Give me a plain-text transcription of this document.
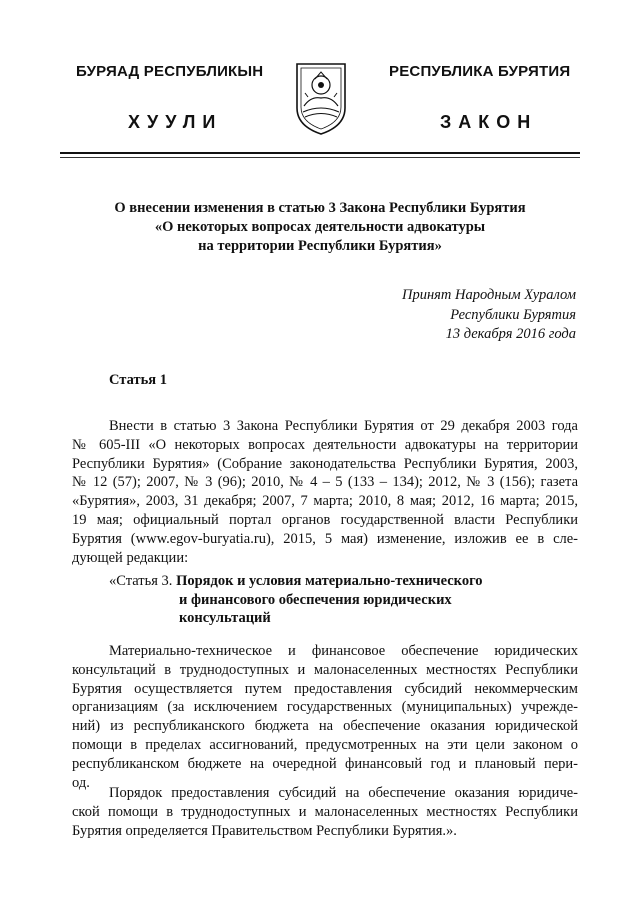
БУРЯАД РЕСПУБЛИКЫН
ХУУЛИ
РЕСПУБЛИКА БУРЯТИЯ
ЗАКОН
О внесении изменения в статью 3 Закона Республики Бурятия
«О некоторых вопросах деятельности адвокатуры
на территории Республики Бурятия»
Принят Народным Хуралом
Республики Бурятия
13 декабря 2016 года
Статья 1
Внести в статью 3 Закона Республики Бурятия от 29 декабря 2003 года
№ 605-III «О некоторых вопросах деятельности адвокатуры на территории
Республики Бурятия» (Собрание законодательства Республики Бурятия, 2003,
№ 12 (57); 2007, № 3 (96); 2010, № 4 – 5 (133 – 134); 2012, № 3 (156); газета
«Бурятия», 2003, 31 декабря; 2007, 7 марта; 2010, 8 мая; 2012, 16 марта; 2015,
19 мая; официальный портал органов государственной власти Республики
Бурятия (www.egov-buryatia.ru), 2015, 5 мая) изменение, изложив ее в сле-
дующей редакции:
«Статья 3. Порядок и условия материально-технического
и финансового обеспечения юридических
консультаций
Материально-техническое и финансовое обеспечение юридических
консультаций в труднодоступных и малонаселенных местностях Республики
Бурятия осуществляется путем предоставления субсидий некоммерческим
организациям (за исключением государственных (муниципальных) учрежде-
ний) из республиканского бюджета на обеспечение оказания юридической
помощи в пределах ассигнований, предусмотренных на эти цели законом о
республиканском бюджете на очередной финансовый год и плановый пери-
од.
Порядок предоставления субсидий на обеспечение оказания юридиче-
ской помощи в труднодоступных и малонаселенных местностях Республики
Бурятия определяется Правительством Республики Бурятия.».
